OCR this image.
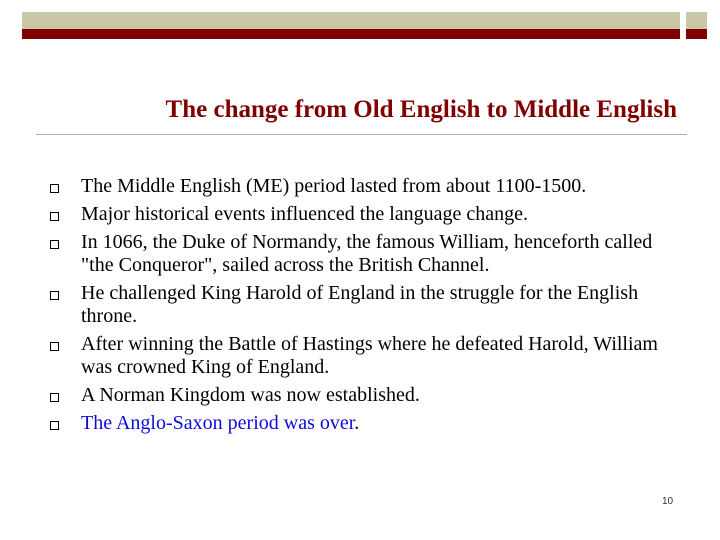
The change from Old English to Middle English
The Middle English (ME) period lasted from about 1100-1500.
Major historical events influenced the language change.
In 1066, the Duke of Normandy, the famous William, henceforth called "the Conqueror", sailed across the British Channel.
He challenged King Harold of England in the struggle for the English throne.
After winning the Battle of Hastings where he defeated Harold, William was crowned King of England.
A Norman Kingdom was now established.
The Anglo-Saxon period was over.
10
